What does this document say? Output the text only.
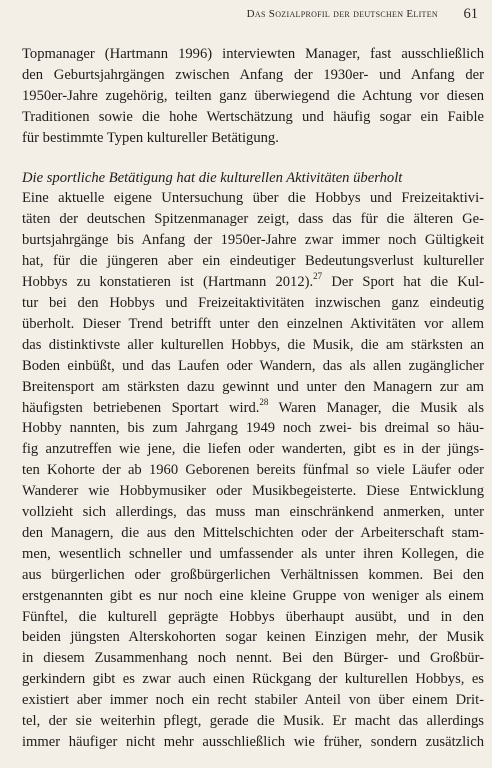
Das Sozialprofil der deutschen Eliten 61
Topmanager (Hartmann 1996) interviewten Manager, fast ausschließlich
den Geburtsjahrgängen zwischen Anfang der 1930er- und Anfang der
1950er-Jahre zugehörig, teilten ganz überwiegend die Achtung vor diesen
Traditionen sowie die hohe Wertschätzung und häufig sogar ein Faible
für bestimmte Typen kultureller Betätigung.
Die sportliche Betätigung hat die kulturellen Aktivitäten überholt
Eine aktuelle eigene Untersuchung über die Hobbys und Freizeitaktivi-
täten der deutschen Spitzenmanager zeigt, dass das für die älteren Ge-
burtsjahrgänge bis Anfang der 1950er-Jahre zwar immer noch Gültigkeit
hat, für die jüngeren aber ein eindeutiger Bedeutungsverlust kultureller
Hobbys zu konstatieren ist (Hartmann 2012).$^{27}$ Der Sport hat die Kul-
tur bei den Hobbys und Freizeitaktivitäten inzwischen ganz eindeutig
überholt. Dieser Trend betrifft unter den einzelnen Aktivitäten vor allem
das distinktivste aller kulturellen Hobbys, die Musik, die am stärksten an
Boden einbüßt, und das Laufen oder Wandern, das als allen zugänglicher
Breitensport am stärksten dazu gewinnt und unter den Managern zur am
häufigsten betriebenen Sportart wird.$^{28}$ Waren Manager, die Musik als
Hobby nannten, bis zum Jahrgang 1949 noch zwei- bis dreimal so häu-
fig anzutreffen wie jene, die liefen oder wanderten, gibt es in der jüngs-
ten Kohorte der ab 1960 Geborenen bereits fünfmal so viele Läufer oder
Wanderer wie Hobbymusiker oder Musikbegeisterte. Diese Entwicklung
vollzieht sich allerdings, das muss man einschränkend anmerken, unter
den Managern, die aus den Mittelschichten oder der Arbeiterschaft stam-
men, wesentlich schneller und umfassender als unter ihren Kollegen, die
aus bürgerlichen oder großbürgerlichen Verhältnissen kommen. Bei den
erstgenannten gibt es nur noch eine kleine Gruppe von weniger als einem
Fünftel, die kulturell geprägte Hobbys überhaupt ausübt, und in den
beiden jüngsten Alterskohorten sogar keinen Einzigen mehr, der Musik
in diesem Zusammenhang noch nennt. Bei den Bürger- und Großbür-
gerkindern gibt es zwar auch einen Rückgang der kulturellen Hobbys, es
existiert aber immer noch ein recht stabiler Anteil von über einem Drit-
tel, der sie weiterhin pflegt, gerade die Musik. Er macht das allerdings
immer häufiger nicht mehr ausschließlich wie früher, sondern zusätzlich
